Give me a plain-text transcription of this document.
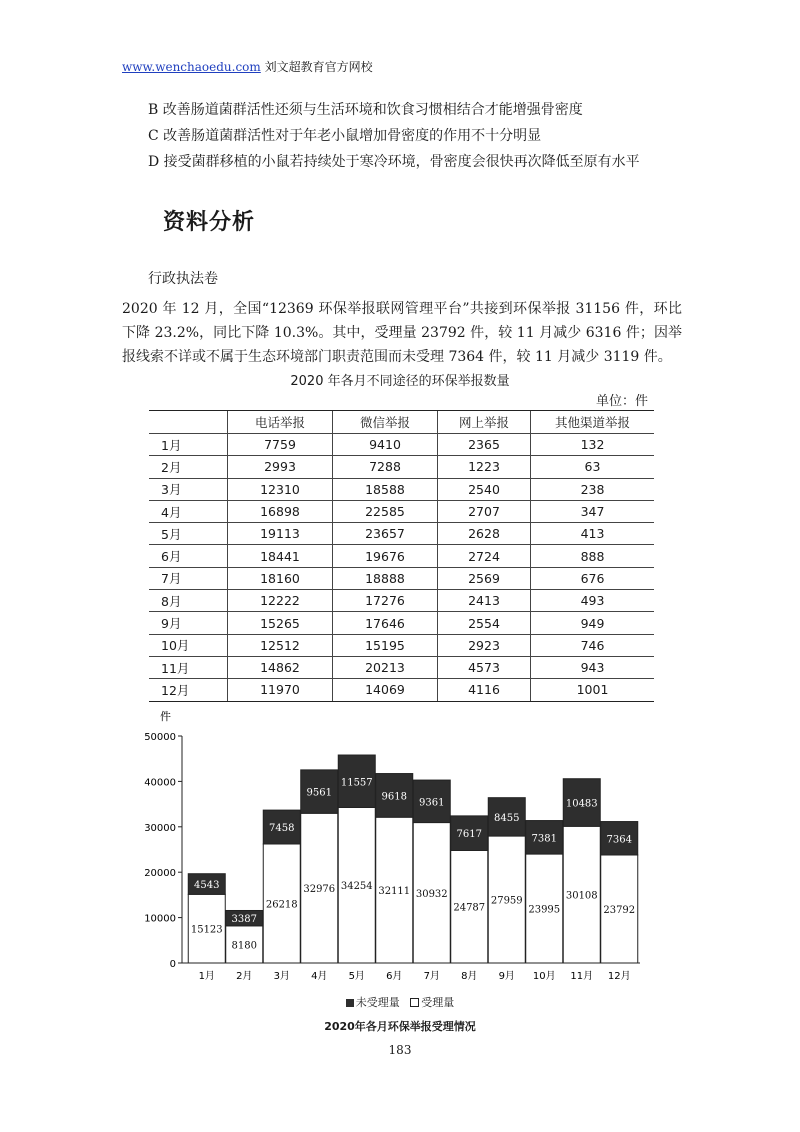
www.wenchaoedu.com 刘文超教育官方网校
B 改善肠道菌群活性还须与生活环境和饮食习惯相结合才能增强骨密度
C 改善肠道菌群活性对于年老小鼠增加骨密度的作用不十分明显
D 接受菌群移植的小鼠若持续处于寒冷环境，骨密度会很快再次降低至原有水平
资料分析
行政执法卷
2020 年 12 月，全国“12369 环保举报联网管理平台”共接到环保举报 31156 件，环比下降 23.2%，同比下降 10.3%。其中，受理量 23792 件，较 11 月减少 6316 件；因举报线索不详或不属于生态环境部门职责范围而未受理 7364 件，较 11 月减少 3119 件。
2020 年各月不同途径的环保举报数量
单位：件
	电话举报	微信举报	网上举报	其他渠道举报
1月	7759	9410	2365	132
2月	2993	7288	1223	63
3月	12310	18588	2540	238
4月	16898	22585	2707	347
5月	19113	23657	2628	413
6月	18441	19676	2724	888
7月	18160	18888	2569	676
8月	12222	17276	2413	493
9月	15265	17646	2554	949
10月	12512	15195	2923	746
11月	14862	20213	4573	943
12月	11970	14069	4116	1001
件
0
10000
20000
30000
40000
50000
15123
4543
1月
8180
3387
2月
26218
7458
3月
32976
9561
4月
34254
11557
5月
32111
9618
6月
30932
9361
7月
24787
7617
8月
27959
8455
9月
23995
7381
10月
30108
10483
11月
23792
7364
12月
未受理量 受理量
2020年各月环保举报受理情况
183
